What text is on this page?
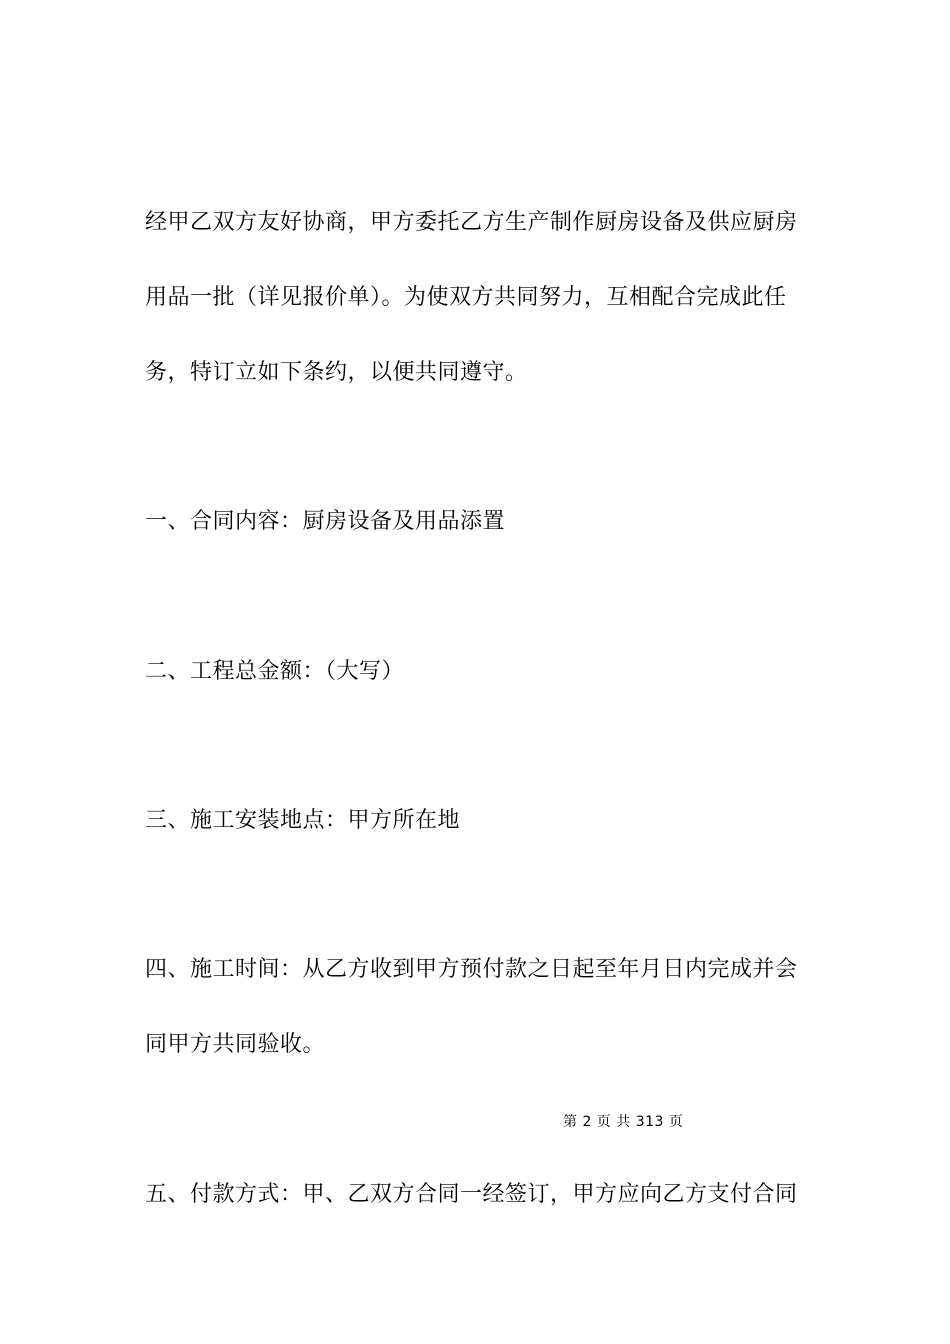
经甲乙双方友好协商，甲方委托乙方生产制作厨房设备及供应厨房
用品一批（详见报价单）。为使双方共同努力，互相配合完成此任
务，特订立如下条约，以便共同遵守。
一、合同内容：厨房设备及用品添置
二、工程总金额：（大写）
三、施工安装地点：甲方所在地
四、施工时间：从乙方收到甲方预付款之日起至年月日内完成并会
同甲方共同验收。
第 2 页 共 313 页
五、付款方式：甲、乙双方合同一经签订，甲方应向乙方支付合同
